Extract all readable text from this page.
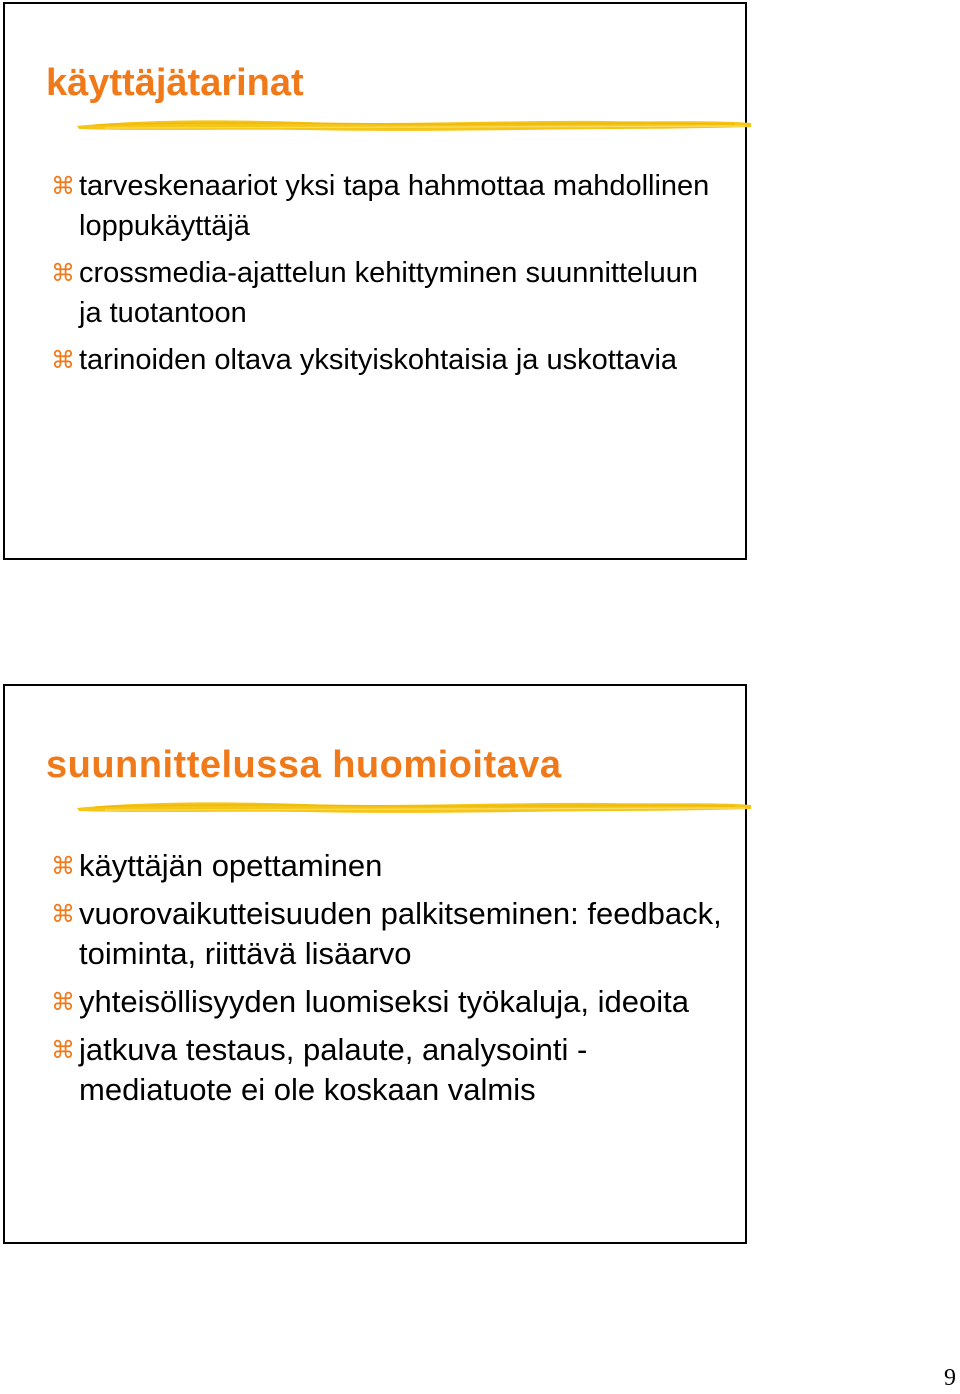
käyttäjätarinat
⌘ tarveskenaariot yksi tapa hahmottaa mahdollinen loppukäyttäjä
⌘ crossmedia-ajattelun kehittyminen suunnitteluun ja tuotantoon
⌘ tarinoiden oltava yksityiskohtaisia ja uskottavia
suunnittelussa huomioitava
⌘ käyttäjän opettaminen
⌘ vuorovaikutteisuuden palkitseminen: feedback, toiminta, riittävä lisäarvo
⌘ yhteisöllisyyden luomiseksi työkaluja, ideoita
⌘ jatkuva testaus, palaute, analysointi - mediatuote ei ole koskaan valmis

9
